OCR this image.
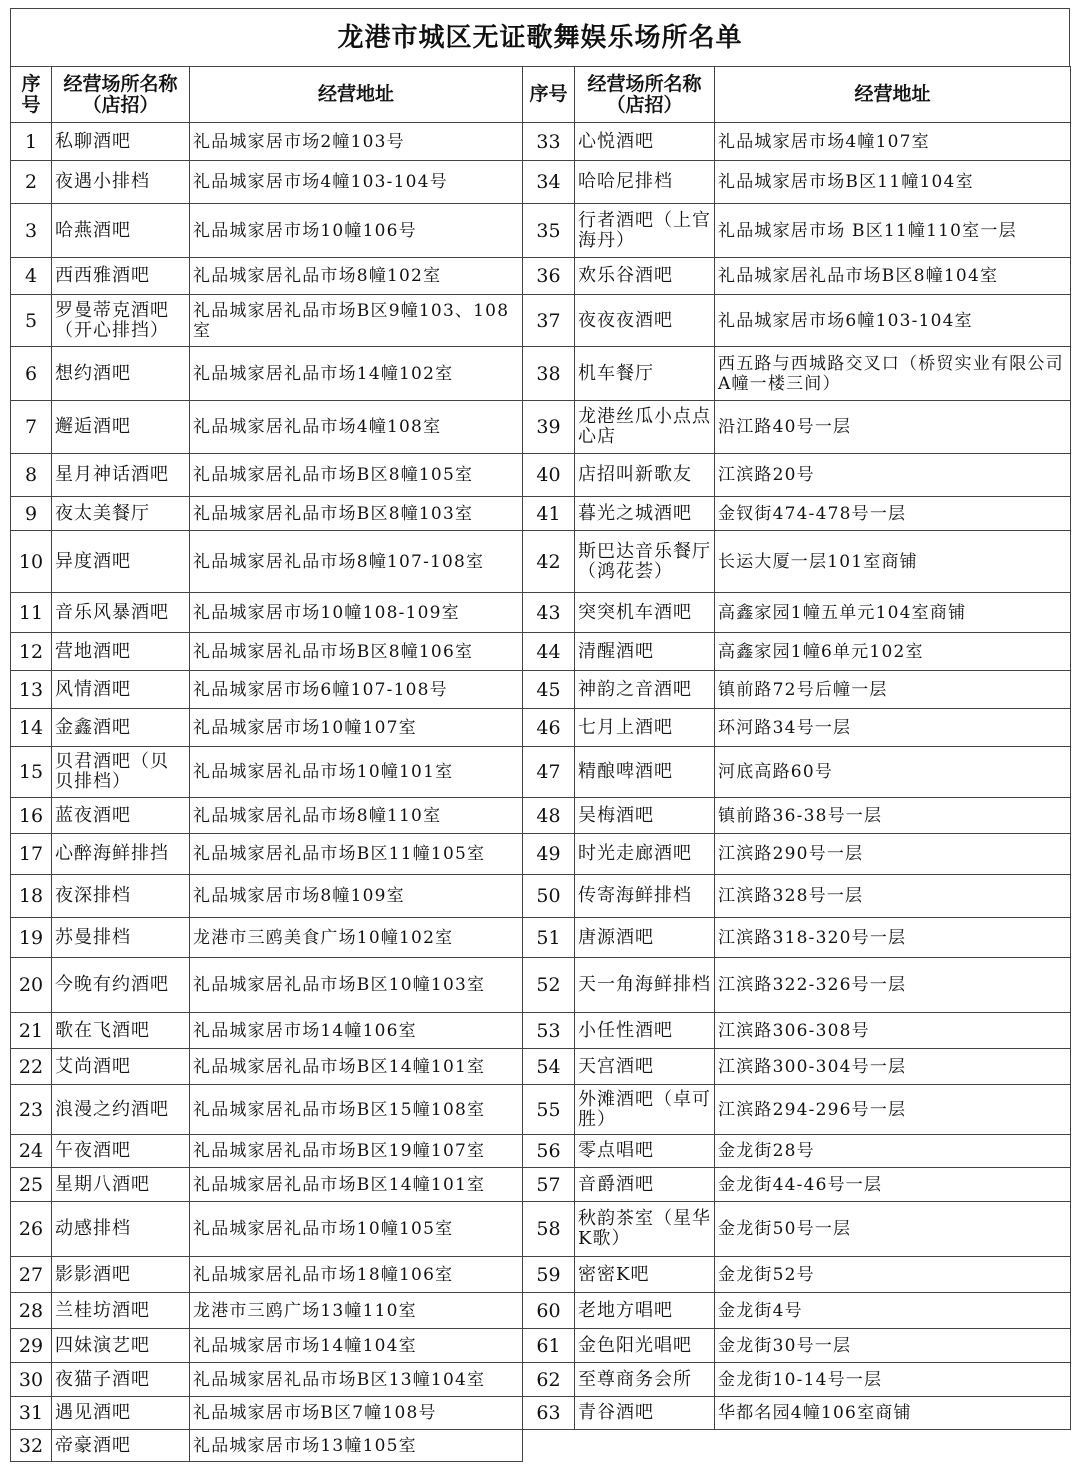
龙港市城区无证歌舞娱乐场所名单
序号	经营场所名称（店招）	经营地址	序号	经营场所名称（店招）	经营地址
1	私聊酒吧	礼品城家居市场2幢103号	33	心悦酒吧	礼品城家居市场4幢107室
2	夜遇小排档	礼品城家居市场4幢103-104号	34	哈哈尼排档	礼品城家居市场B区11幢104室
3	哈燕酒吧	礼品城家居市场10幢106号	35	行者酒吧（上官海丹）	礼品城家居市场 B区11幢110室一层
4	西西雅酒吧	礼品城家居礼品市场8幢102室	36	欢乐谷酒吧	礼品城家居礼品市场B区8幢104室
5	罗曼蒂克酒吧（开心排挡）	礼品城家居礼品市场B区9幢103、108室	37	夜夜夜酒吧	礼品城家居市场6幢103-104室
6	想约酒吧	礼品城家居礼品市场14幢102室	38	机车餐厅	西五路与西城路交叉口（桥贸实业有限公司A幢一楼三间）
7	邂逅酒吧	礼品城家居礼品市场4幢108室	39	龙港丝瓜小点点心店	沿江路40号一层
8	星月神话酒吧	礼品城家居礼品市场B区8幢105室	40	店招叫新歌友	江滨路20号
9	夜太美餐厅	礼品城家居礼品市场B区8幢103室	41	暮光之城酒吧	金钗街474-478号一层
10	异度酒吧	礼品城家居礼品市场8幢107-108室	42	斯巴达音乐餐厅（鸿花荟）	长运大厦一层101室商铺
11	音乐风暴酒吧	礼品城家居市场10幢108-109室	43	突突机车酒吧	高鑫家园1幢五单元104室商铺
12	营地酒吧	礼品城家居礼品市场B区8幢106室	44	清醒酒吧	高鑫家园1幢6单元102室
13	风情酒吧	礼品城家居市场6幢107-108号	45	神韵之音酒吧	镇前路72号后幢一层
14	金鑫酒吧	礼品城家居市场10幢107室	46	七月上酒吧	环河路34号一层
15	贝君酒吧（贝贝排档）	礼品城家居礼品市场10幢101室	47	精酿啤酒吧	河底高路60号
16	蓝夜酒吧	礼品城家居礼品市场8幢110室	48	吴梅酒吧	镇前路36-38号一层
17	心醉海鲜排挡	礼品城家居礼品市场B区11幢105室	49	时光走廊酒吧	江滨路290号一层
18	夜深排档	礼品城家居市场8幢109室	50	传寄海鲜排档	江滨路328号一层
19	苏曼排档	龙港市三鸥美食广场10幢102室	51	唐源酒吧	江滨路318-320号一层
20	今晚有约酒吧	礼品城家居礼品市场B区10幢103室	52	天一角海鲜排档	江滨路322-326号一层
21	歌在飞酒吧	礼品城家居市场14幢106室	53	小任性酒吧	江滨路306-308号
22	艾尚酒吧	礼品城家居礼品市场B区14幢101室	54	天宫酒吧	江滨路300-304号一层
23	浪漫之约酒吧	礼品城家居礼品市场B区15幢108室	55	外滩酒吧（卓可胜）	江滨路294-296号一层
24	午夜酒吧	礼品城家居礼品市场B区19幢107室	56	零点唱吧	金龙街28号
25	星期八酒吧	礼品城家居礼品市场B区14幢101室	57	音爵酒吧	金龙街44-46号一层
26	动感排档	礼品城家居礼品市场10幢105室	58	秋韵茶室（星华K歌）	金龙街50号一层
27	影影酒吧	礼品城家居礼品市场18幢106室	59	密密K吧	金龙街52号
28	兰桂坊酒吧	龙港市三鸥广场13幢110室	60	老地方唱吧	金龙街4号
29	四妹演艺吧	礼品城家居市场14幢104室	61	金色阳光唱吧	金龙街30号一层
30	夜猫子酒吧	礼品城家居礼品市场B区13幢104室	62	至尊商务会所	金龙街10-14号一层
31	遇见酒吧	礼品城家居市场B区7幢108号	63	青谷酒吧	华都名园4幢106室商铺
32	帝豪酒吧	礼品城家居市场13幢105室			
